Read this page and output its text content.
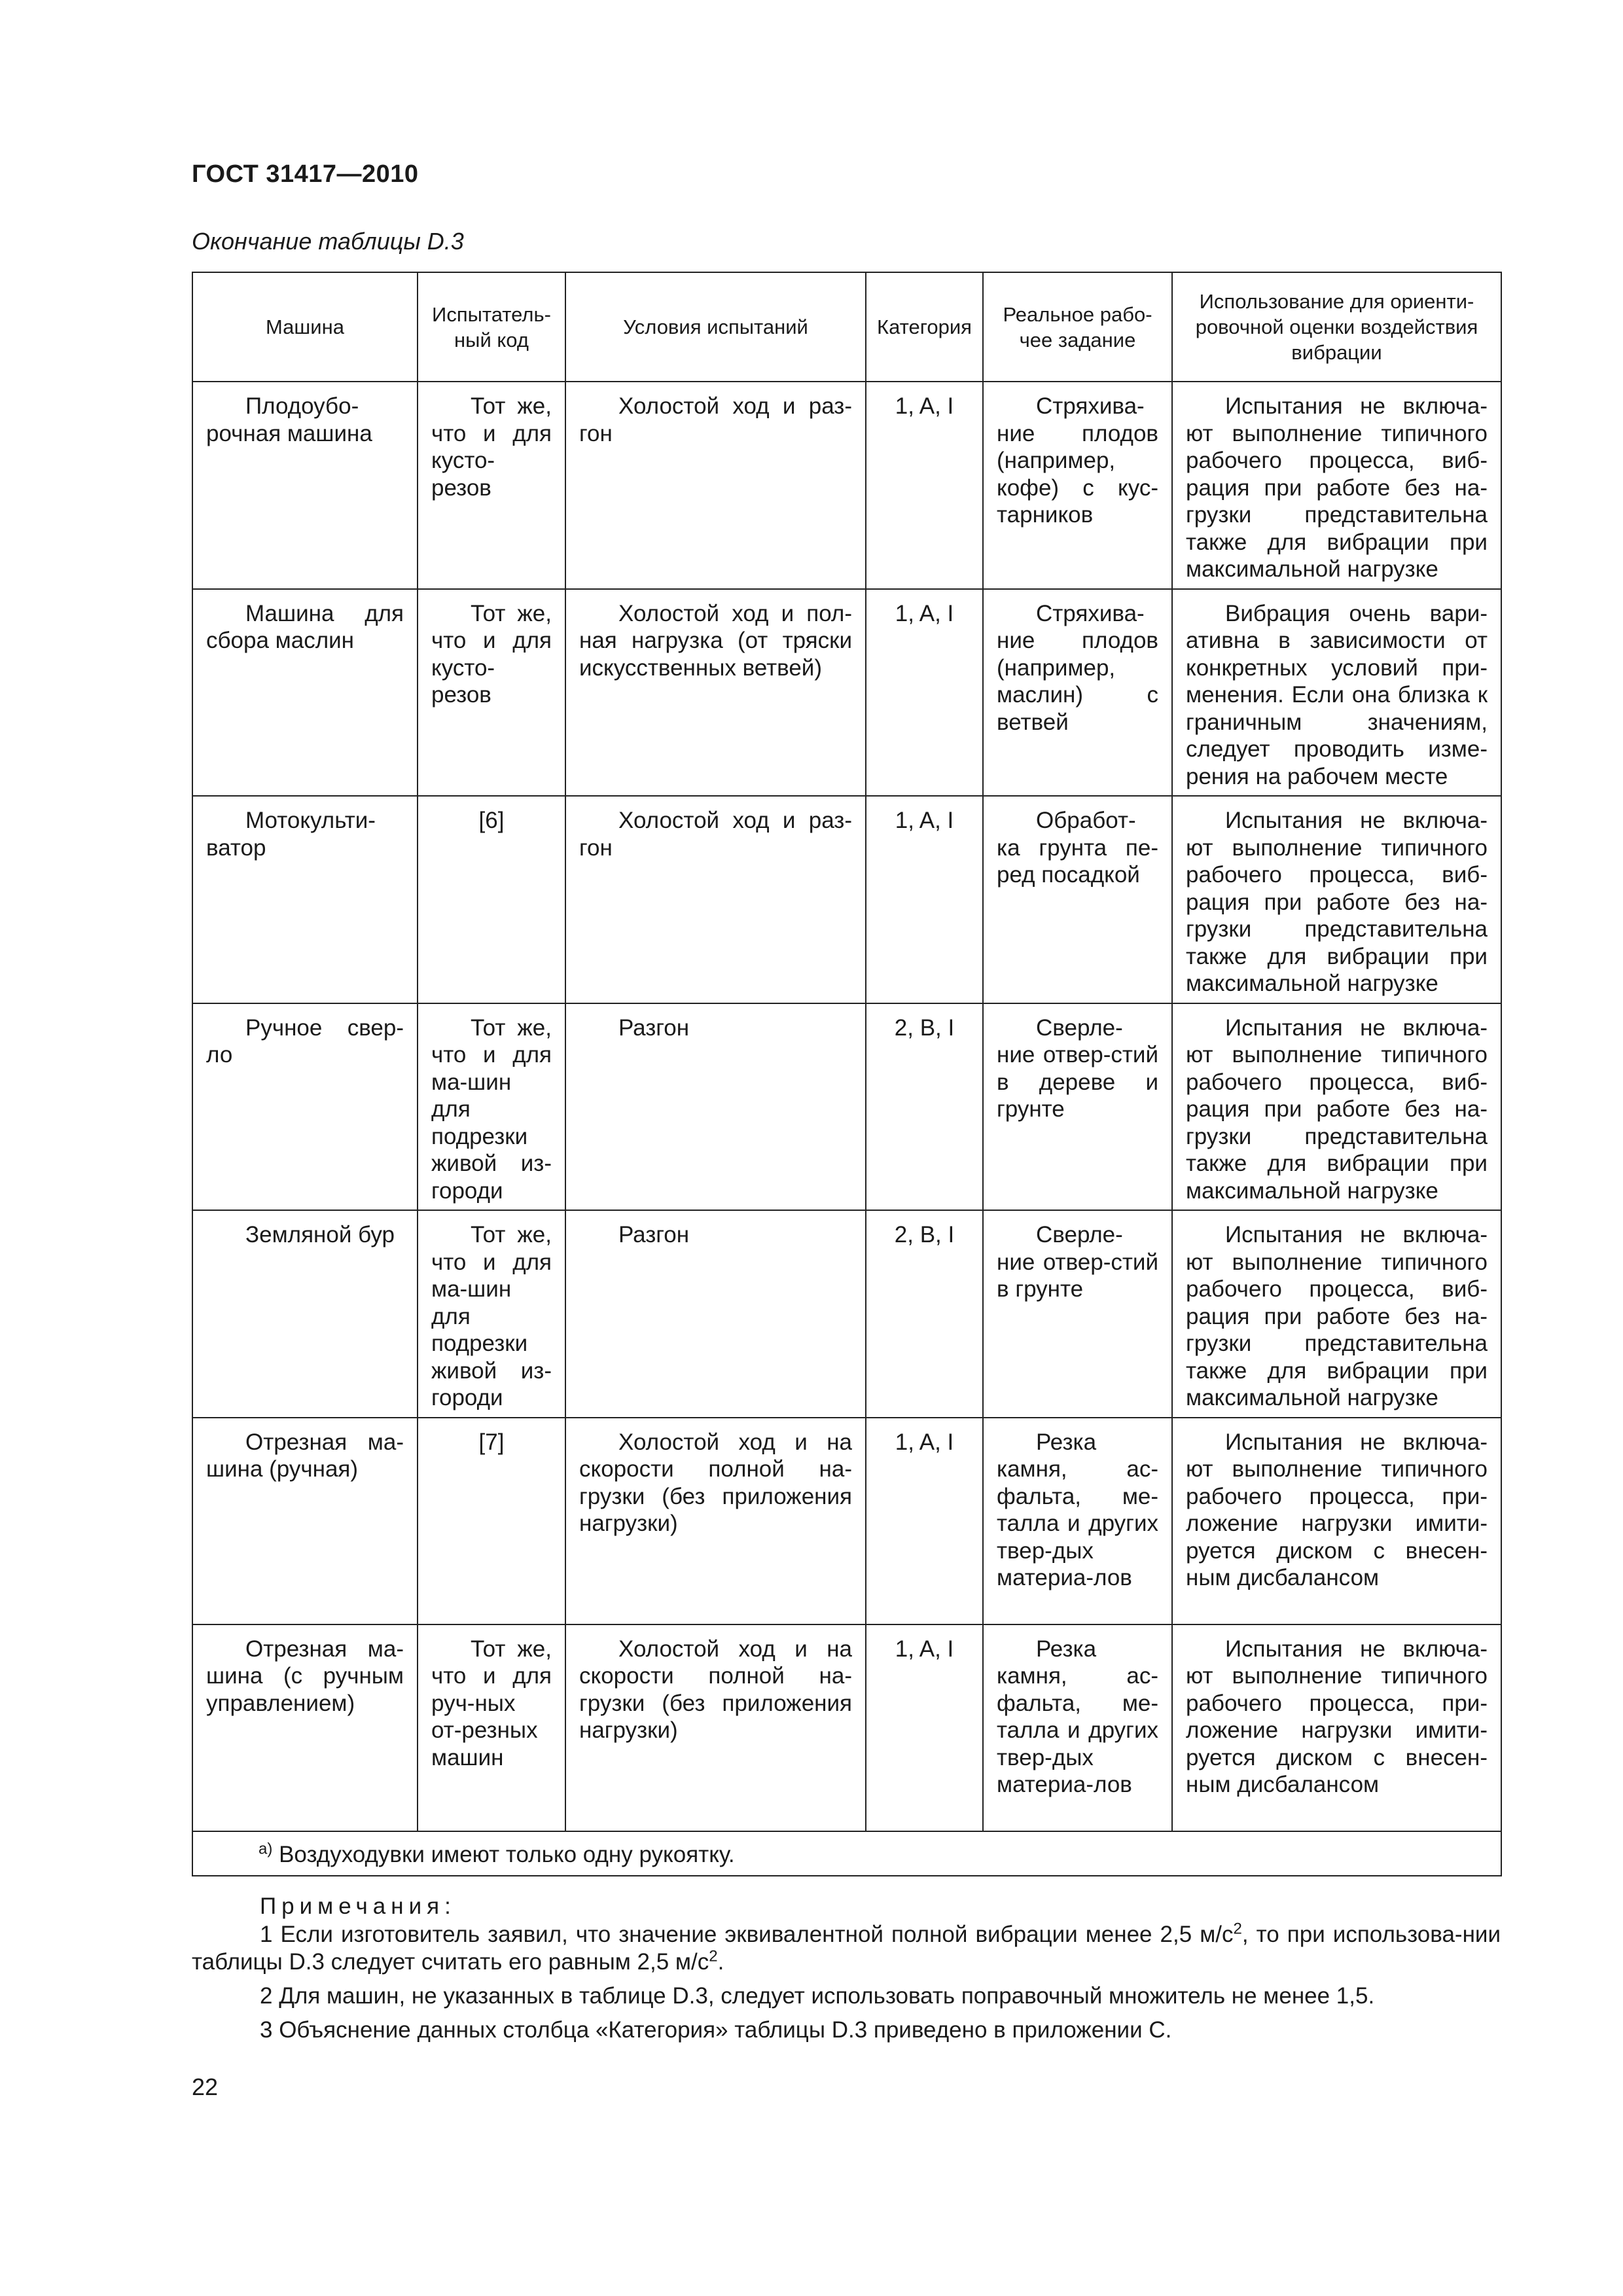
ГОСТ 31417—2010
Окончание таблицы D.3
Машина	Испытатель-ный код	Условия испытаний	Категория	Реальное рабо-чее задание	Использование для ориенти-ровочной оценки воздействия вибрации

Плодоубо-рочная машина	Тот же, что и для кусто-резов	Холостой ход и раз-гон	1, A, I	Стряхива-ние плодов (например, кофе) с кус-тарников	Испытания не включа-ют выполнение типичного рабочего процесса, виб-рация при работе без на-грузки представительна также для вибрации при максимальной нагрузке

Машина для сбора маслин	Тот же, что и для кусто-резов	Холостой ход и пол-ная нагрузка (от тряски искусственных ветвей)	1, A, I	Стряхива-ние плодов (например, маслин) с ветвей	Вибрация очень вари-ативна в зависимости от конкретных условий при-менения. Если она близка к граничным значениям, следует проводить изме-рения на рабочем месте

Мотокульти-ватор	[6]	Холостой ход и раз-гон	1, A, I	Обработ-ка грунта пе-ред посадкой	Испытания не включа-ют выполнение типичного рабочего процесса, виб-рация при работе без на-грузки представительна также для вибрации при максимальной нагрузке

Ручное свер-ло	Тот же, что и для ма-шин для подрезки живой из-городи	Разгон	2, B, I	Сверле-ние отвер-стий в дереве и грунте	Испытания не включа-ют выполнение типичного рабочего процесса, виб-рация при работе без на-грузки представительна также для вибрации при максимальной нагрузке

Земляной бур	Тот же, что и для ма-шин для подрезки живой из-городи	Разгон	2, B, I	Сверле-ние отвер-стий в грунте	Испытания не включа-ют выполнение типичного рабочего процесса, виб-рация при работе без на-грузки представительна также для вибрации при максимальной нагрузке

Отрезная ма-шина (ручная)	[7]	Холостой ход и на скорости полной на-грузки (без приложения нагрузки)	1, A, I	Резка камня, ас-фальта, ме-талла и других твер-дых материа-лов	Испытания не включа-ют выполнение типичного рабочего процесса, при-ложение нагрузки имити-руется диском с внесен-ным дисбалансом

Отрезная ма-шина (с ручным управлением)	Тот же, что и для руч-ных от-резных машин	Холостой ход и на скорости полной на-грузки (без приложения нагрузки)	1, A, I	Резка камня, ас-фальта, ме-талла и других твер-дых материа-лов	Испытания не включа-ют выполнение типичного рабочего процесса, при-ложение нагрузки имити-руется диском с внесен-ным дисбалансом

$^{a)}$ Воздуходувки имеют только одну рукоятку.					
Примечания:

1 Если изготовитель заявил, что значение эквивалентной полной вибрации менее 2,5 $м/с^2$, то при использова-нии таблицы D.3 следует считать его равным 2,5 $м/с^2$.

2 Для машин, не указанных в таблице D.3, следует использовать поправочный множитель не менее 1,5.

3 Объяснение данных столбца «Категория» таблицы D.3 приведено в приложении С.

22
